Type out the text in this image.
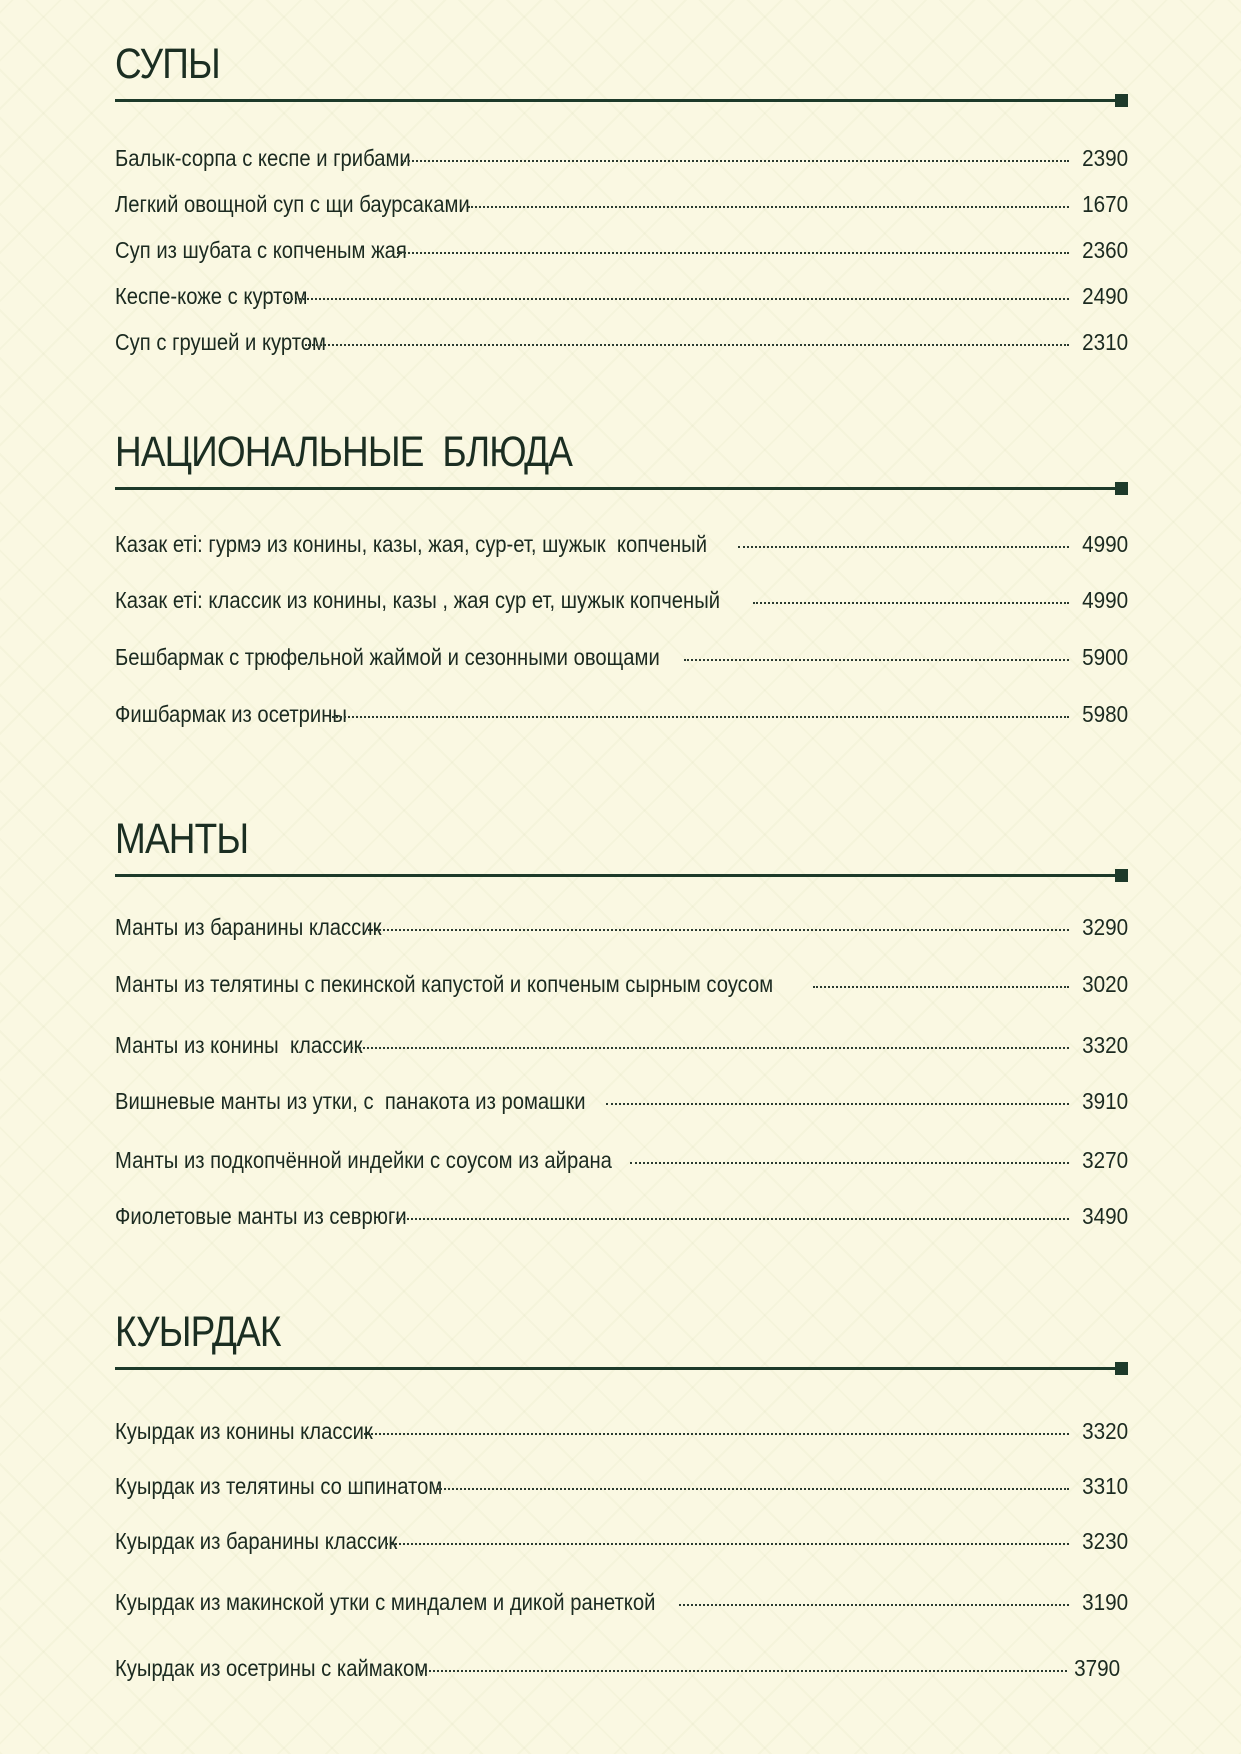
СУПЫ
Балык-сорпа с кеспе и грибами	2390
Легкий овощной суп с щи баурсаками	1670
Суп из шубата с копченым жая	2360
Кеспе-коже с куртом	2490
Суп с грушей и куртом	2310
НАЦИОНАЛЬНЫЕ  БЛЮДА
Казак еті: гурмэ из конины, казы, жая, сур-ет, шужык  копченый	4990
Казак еті: классик из конины, казы , жая сур ет, шужык копченый	4990
Бешбармак с трюфельной жаймой и сезонными овощами	5900
Фишбармак из осетрины	5980
МАНТЫ
Манты из баранины классик	3290
Манты из телятины с пекинской капустой и копченым сырным соусом	3020
Манты из конины  классик	3320
Вишневые манты из утки, с  панакота из ромашки	3910
Манты из подкопчённой индейки с соусом из айрана	3270
Фиолетовые манты из севрюги	3490
КУЫРДАК
Куырдак из конины классик	3320
Куырдак из телятины со шпинатом	3310
Куырдак из баранины классик	3230
Куырдак из макинской утки с миндалем и дикой ранеткой	3190
Куырдак из осетрины с каймаком	3790
